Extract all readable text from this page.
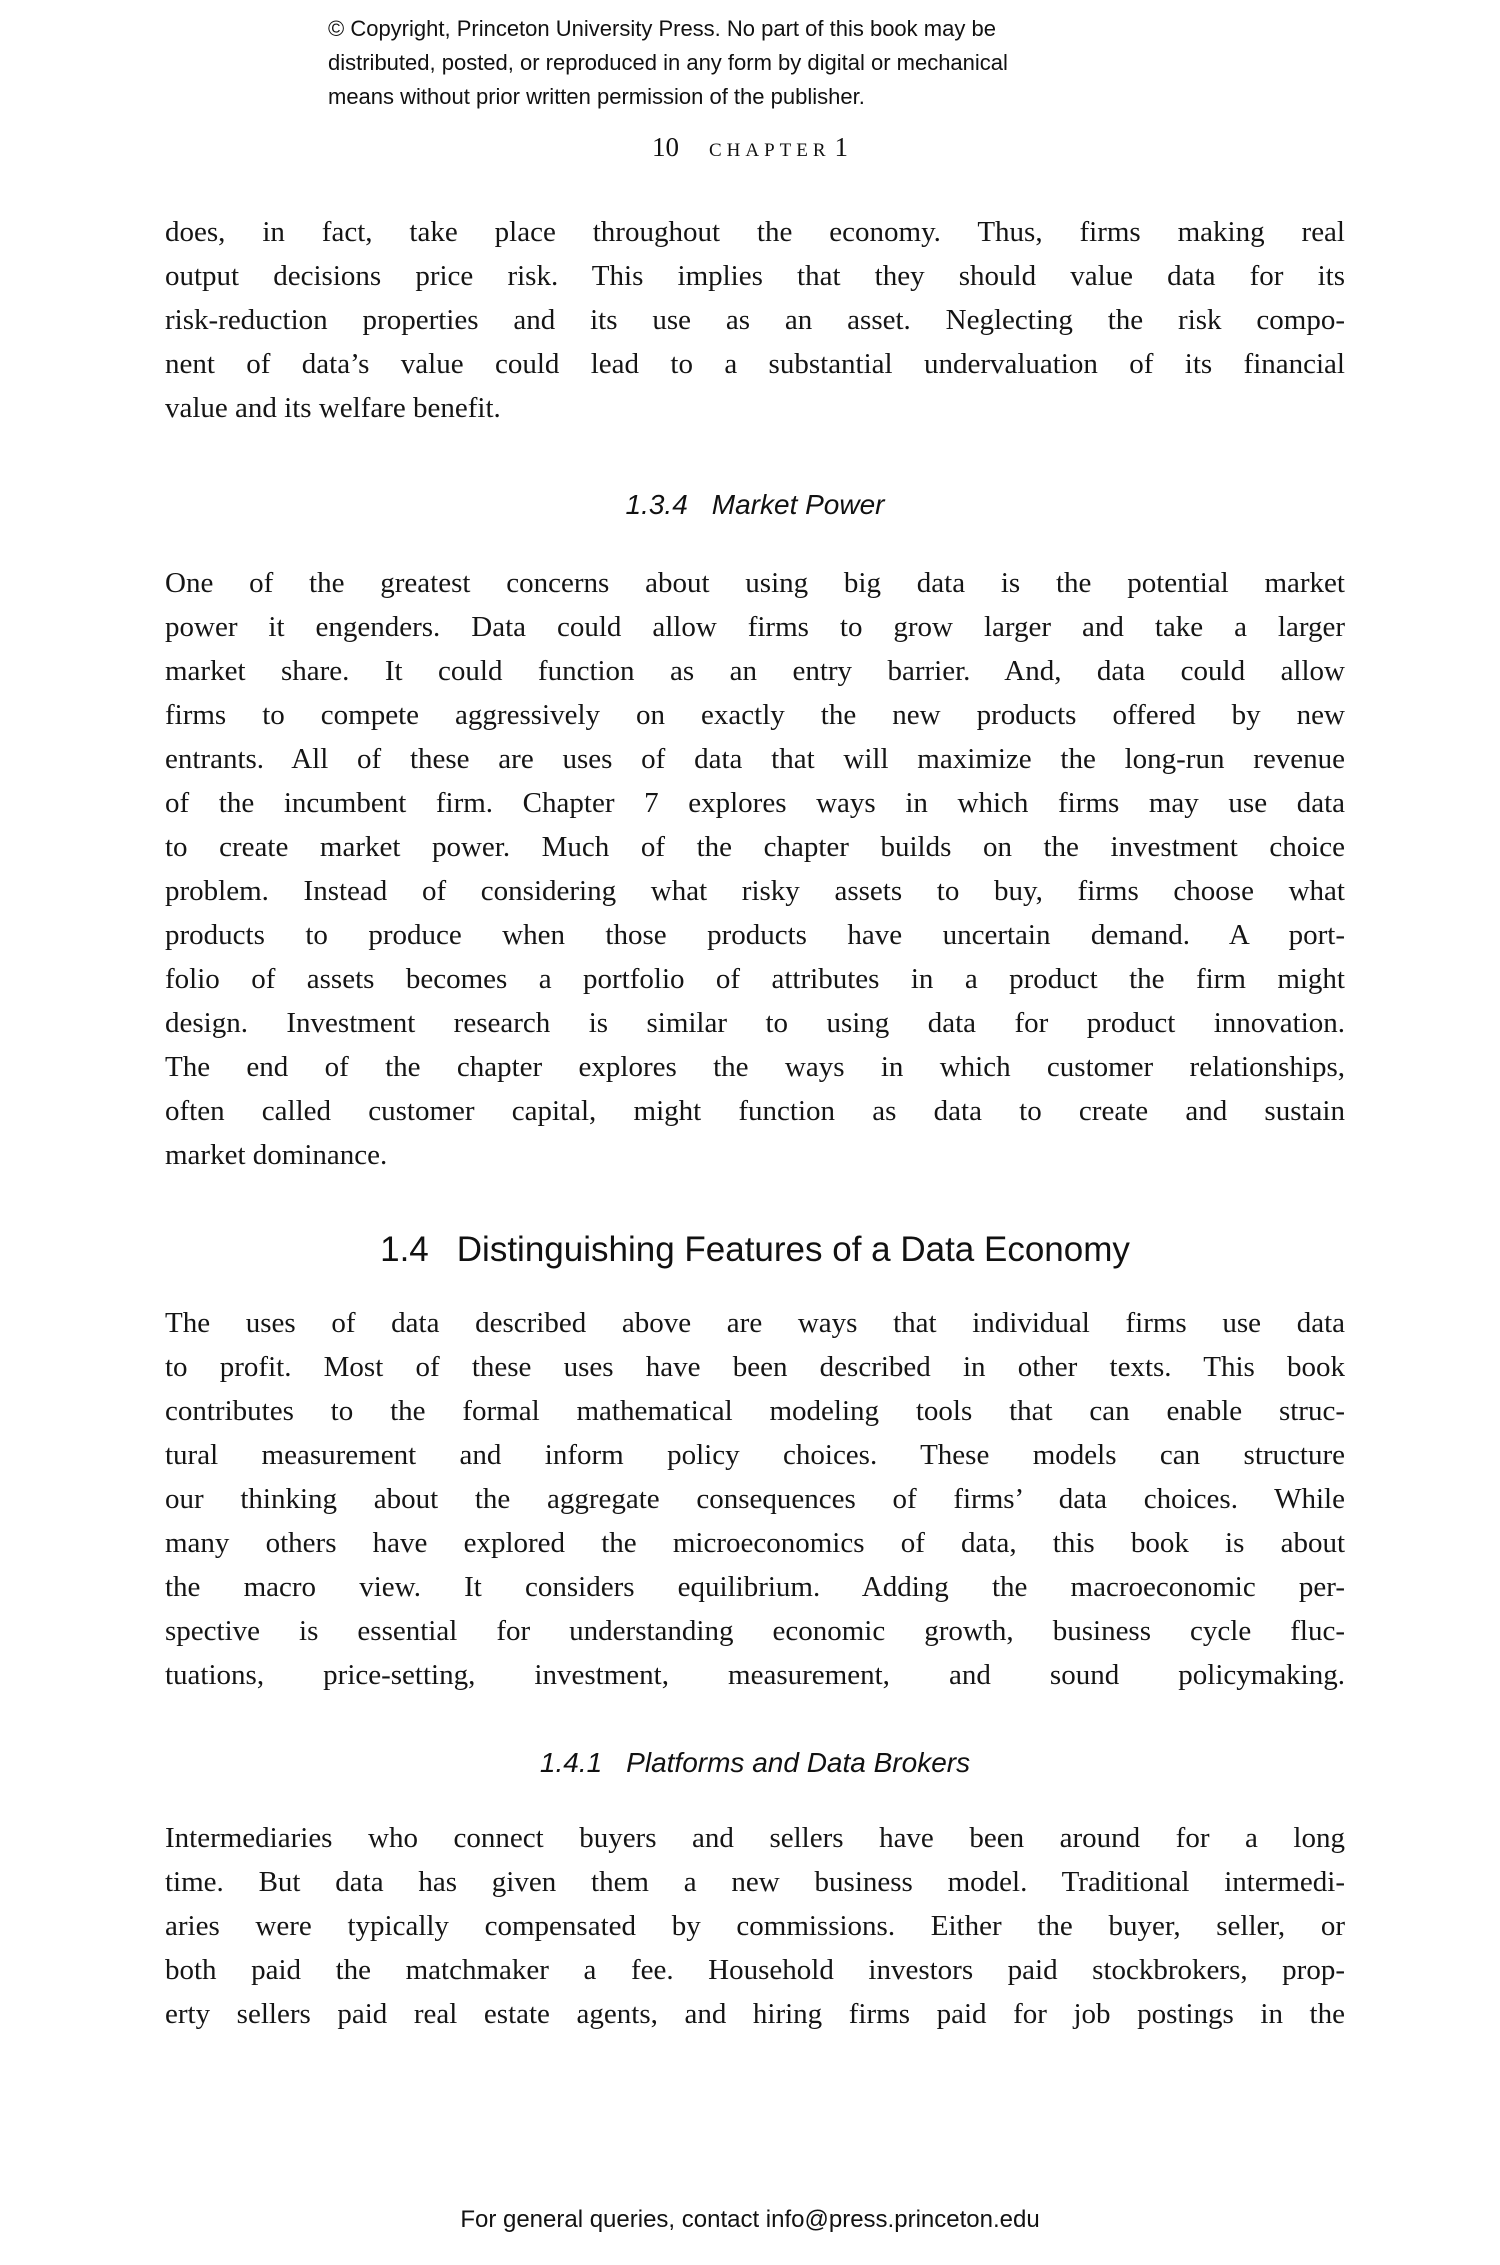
© Copyright, Princeton University Press. No part of this book may be
distributed, posted, or reproduced in any form by digital or mechanical
means without prior written permission of the publisher.
10 chapter 1
does, in fact, take place throughout the economy. Thus, firms making real
output decisions price risk. This implies that they should value data for its
risk-reduction properties and its use as an asset. Neglecting the risk compo-
nent of data’s value could lead to a substantial undervaluation of its financial
value and its welfare benefit.
1.3.4 Market Power
One of the greatest concerns about using big data is the potential market
power it engenders. Data could allow firms to grow larger and take a larger
market share. It could function as an entry barrier. And, data could allow
firms to compete aggressively on exactly the new products offered by new
entrants. All of these are uses of data that will maximize the long-run revenue
of the incumbent firm. Chapter 7 explores ways in which firms may use data
to create market power. Much of the chapter builds on the investment choice
problem. Instead of considering what risky assets to buy, firms choose what
products to produce when those products have uncertain demand. A port-
folio of assets becomes a portfolio of attributes in a product the firm might
design. Investment research is similar to using data for product innovation.
The end of the chapter explores the ways in which customer relationships,
often called customer capital, might function as data to create and sustain
market dominance.
1.4 Distinguishing Features of a Data Economy
The uses of data described above are ways that individual firms use data
to profit. Most of these uses have been described in other texts. This book
contributes to the formal mathematical modeling tools that can enable struc-
tural measurement and inform policy choices. These models can structure
our thinking about the aggregate consequences of firms’ data choices. While
many others have explored the microeconomics of data, this book is about
the macro view. It considers equilibrium. Adding the macroeconomic per-
spective is essential for understanding economic growth, business cycle fluc-
tuations, price-setting, investment, measurement, and sound policymaking.
1.4.1 Platforms and Data Brokers
Intermediaries who connect buyers and sellers have been around for a long
time. But data has given them a new business model. Traditional intermedi-
aries were typically compensated by commissions. Either the buyer, seller, or
both paid the matchmaker a fee. Household investors paid stockbrokers, prop-
erty sellers paid real estate agents, and hiring firms paid for job postings in the
For general queries, contact info@press.princeton.edu
